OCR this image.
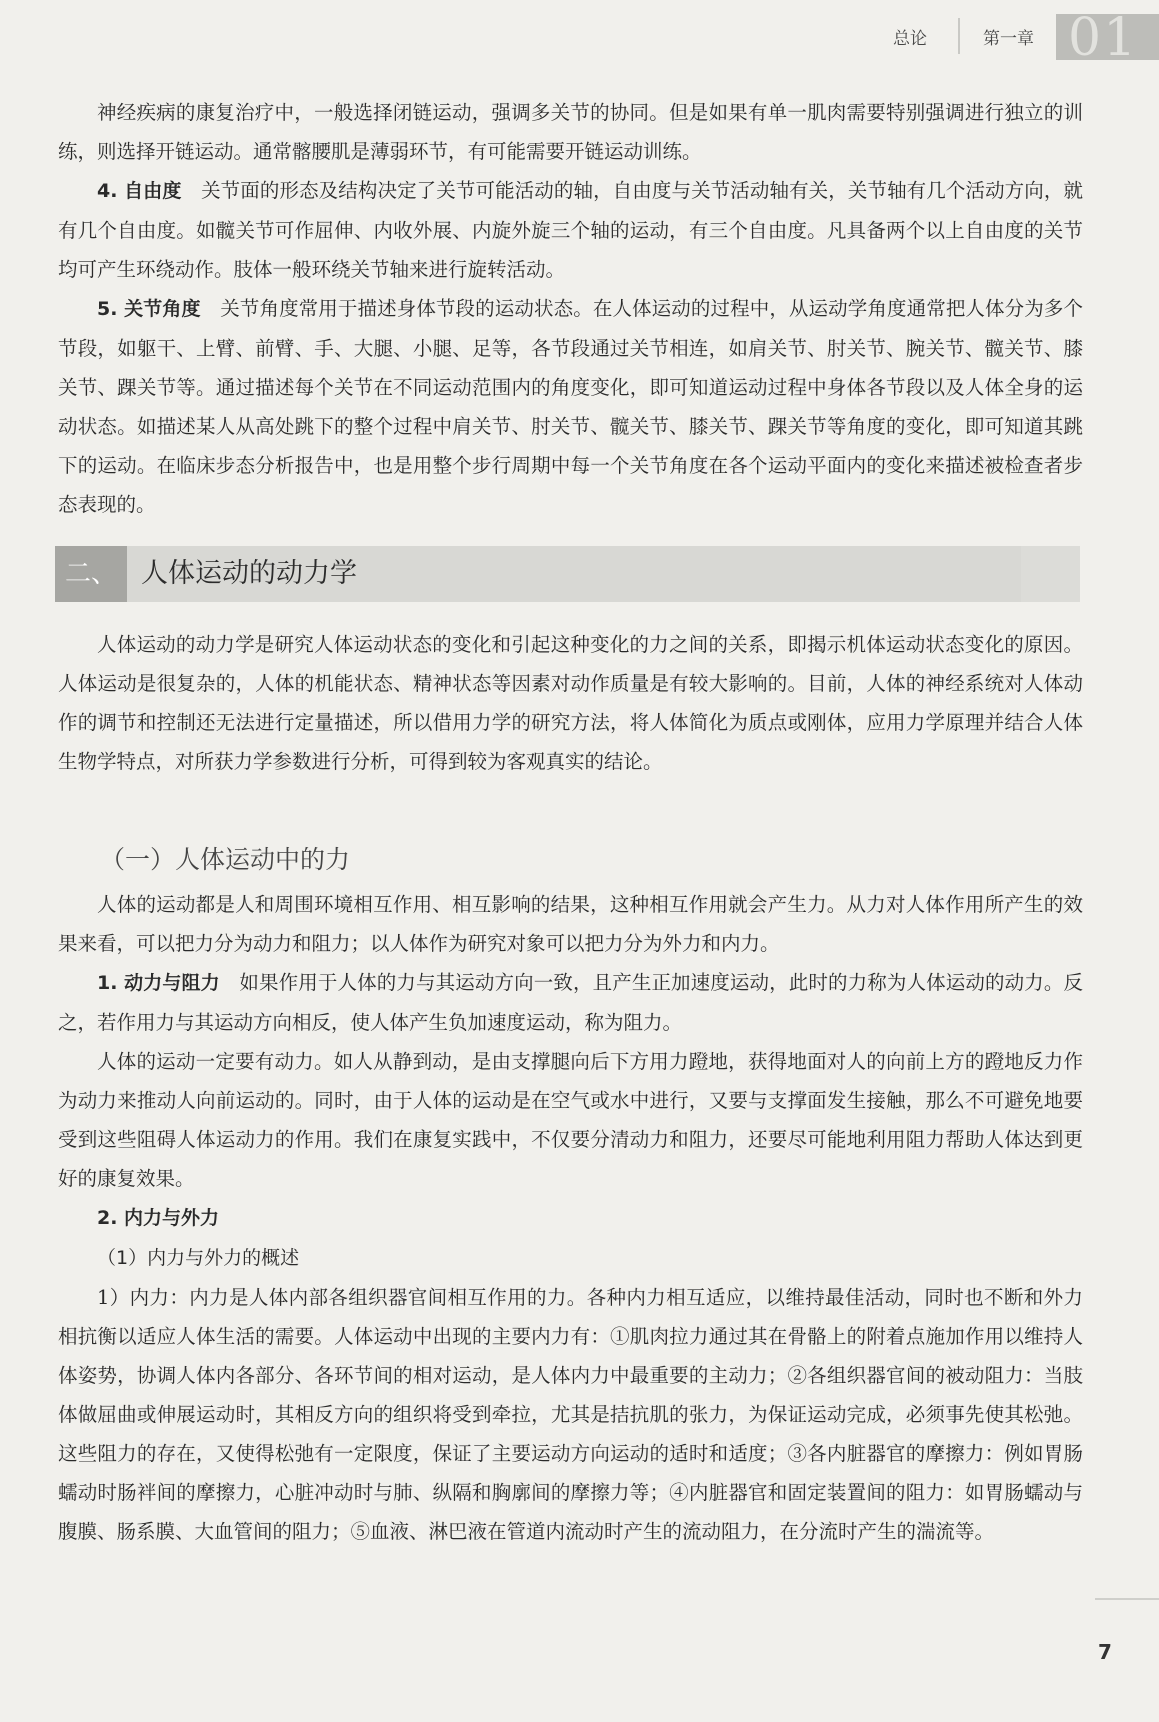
总论	第一章 01

神经疾病的康复治疗中，一般选择闭链运动，强调多关节的协同。但是如果有单一肌肉需要特别强调进行独立的训练，则选择开链运动。通常髂腰肌是薄弱环节，有可能需要开链运动训练。

4. 自由度　 关节面的形态及结构决定了关节可能活动的轴，自由度与关节活动轴有关，关节轴有几个活动方向，就有几个自由度。如髋关节可作屈伸、内收外展、内旋外旋三个轴的运动，有三个自由度。凡具备两个以上自由度的关节均可产生环绕动作。肢体一般环绕关节轴来进行旋转活动。

5. 关节角度　 关节角度常用于描述身体节段的运动状态。在人体运动的过程中，从运动学角度通常把人体分为多个节段，如躯干、上臂、前臂、手、大腿、小腿、足等，各节段通过关节相连，如肩关节、肘关节、腕关节、髋关节、膝关节、踝关节等。通过描述每个关节在不同运动范围内的角度变化，即可知道运动过程中身体各节段以及人体全身的运动状态。如描述某人从高处跳下的整个过程中肩关节、肘关节、髋关节、膝关节、踝关节等角度的变化，即可知道其跳下的运动。在临床步态分析报告中，也是用整个步行周期中每一个关节角度在各个运动平面内的变化来描述被检查者步态表现的。

二、 人体运动的动力学

人体运动的动力学是研究人体运动状态的变化和引起这种变化的力之间的关系，即揭示机体运动状态变化的原因。人体运动是很复杂的，人体的机能状态、精神状态等因素对动作质量是有较大影响的。目前，人体的神经系统对人体动作的调节和控制还无法进行定量描述，所以借用力学的研究方法，将人体简化为质点或刚体，应用力学原理并结合人体生物学特点，对所获力学参数进行分析，可得到较为客观真实的结论。

（一）人体运动中的力

人体的运动都是人和周围环境相互作用、相互影响的结果，这种相互作用就会产生力。从力对人体作用所产生的效果来看，可以把力分为动力和阻力；以人体作为研究对象可以把力分为外力和内力。

1. 动力与阻力　 如果作用于人体的力与其运动方向一致，且产生正加速度运动，此时的力称为人体运动的动力。反之，若作用力与其运动方向相反，使人体产生负加速度运动，称为阻力。

人体的运动一定要有动力。如人从静到动，是由支撑腿向后下方用力蹬地，获得地面对人的向前上方的蹬地反力作为动力来推动人向前运动的。同时，由于人体的运动是在空气或水中进行，又要与支撑面发生接触，那么不可避免地要受到这些阻碍人体运动力的作用。我们在康复实践中，不仅要分清动力和阻力，还要尽可能地利用阻力帮助人体达到更好的康复效果。

2. 内力与外力

（1）内力与外力的概述

1）内力：内力是人体内部各组织器官间相互作用的力。各种内力相互适应，以维持最佳活动，同时也不断和外力相抗衡以适应人体生活的需要。人体运动中出现的主要内力有：①肌肉拉力通过其在骨骼上的附着点施加作用以维持人体姿势，协调人体内各部分、各环节间的相对运动，是人体内力中最重要的主动力；②各组织器官间的被动阻力：当肢体做屈曲或伸展运动时，其相反方向的组织将受到牵拉，尤其是拮抗肌的张力，为保证运动完成，必须事先使其松弛。这些阻力的存在，又使得松弛有一定限度，保证了主要运动方向运动的适时和适度；③各内脏器官的摩擦力：例如胃肠蠕动时肠袢间的摩擦力，心脏冲动时与肺、纵隔和胸廓间的摩擦力等；④内脏器官和固定装置间的阻力：如胃肠蠕动与腹膜、肠系膜、大血管间的阻力；⑤血液、淋巴液在管道内流动时产生的流动阻力，在分流时产生的湍流等。

7
